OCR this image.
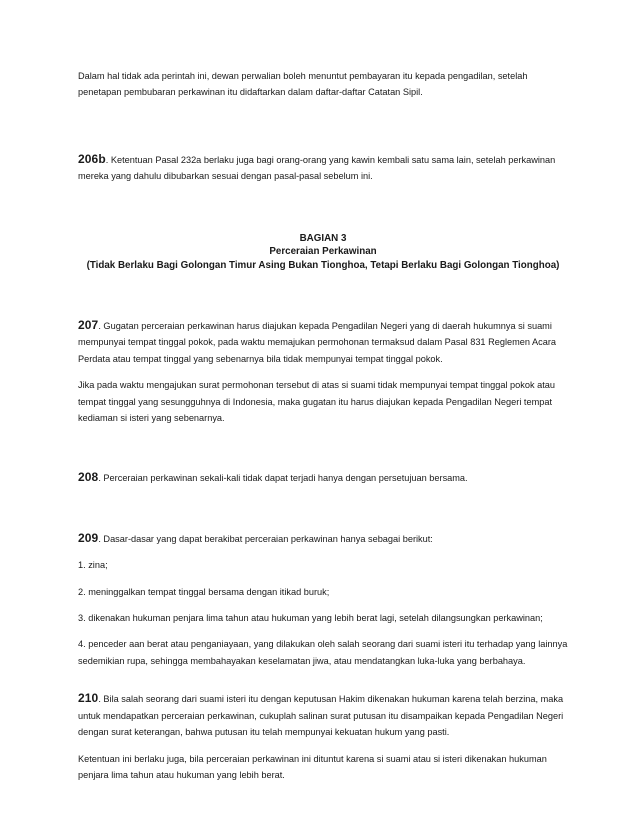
Dalam hal tidak ada perintah ini, dewan perwalian boleh menuntut pembayaran itu kepada pengadilan, setelah penetapan pembubaran perkawinan itu didaftarkan dalam daftar-daftar Catatan Sipil.

206b. Ketentuan Pasal 232a berlaku juga bagi orang-orang yang kawin kembali satu sama lain, setelah perkawinan mereka yang dahulu dibubarkan sesuai dengan pasal-pasal sebelum ini.

BAGIAN 3

Perceraian Perkawinan

(Tidak Berlaku Bagi Golongan Timur Asing Bukan Tionghoa, Tetapi Berlaku Bagi Golongan Tionghoa)

207. Gugatan perceraian perkawinan harus diajukan kepada Pengadilan Negeri yang di daerah hukumnya si suami mempunyai tempat tinggal pokok, pada waktu memajukan permohonan termaksud dalam Pasal 831 Reglemen Acara Perdata atau tempat tinggal yang sebenarnya bila tidak mempunyai tempat tinggal pokok.

Jika pada waktu mengajukan surat permohonan tersebut di atas si suami tidak mempunyai tempat tinggal pokok atau tempat tinggal yang sesungguhnya di Indonesia, maka gugatan itu harus diajukan kepada Pengadilan Negeri tempat kediaman si isteri yang sebenarnya.

208. Perceraian perkawinan sekali-kali tidak dapat terjadi hanya dengan persetujuan bersama.

209. Dasar-dasar yang dapat berakibat perceraian perkawinan hanya sebagai berikut:

1. zina;

2. meninggalkan tempat tinggal bersama dengan itikad buruk;

3. dikenakan hukuman penjara lima tahun atau hukuman yang lebih berat lagi, setelah dilangsungkan perkawinan;

4. penceder aan berat atau penganiayaan, yang dilakukan oleh salah seorang dari suami isteri itu terhadap yang lainnya sedemikian rupa, sehingga membahayakan keselamatan jiwa, atau mendatangkan luka-luka yang berbahaya.

210. Bila salah seorang dari suami isteri itu dengan keputusan Hakim dikenakan hukuman karena telah berzina, maka untuk mendapatkan perceraian perkawinan, cukuplah salinan surat putusan itu disampaikan kepada Pengadilan Negeri dengan surat keterangan, bahwa putusan itu telah mempunyai kekuatan hukum yang pasti.

Ketentuan ini berlaku juga, bila perceraian perkawinan ini dituntut karena si suami atau si isteri dikenakan hukuman penjara lima tahun atau hukuman yang lebih berat.
